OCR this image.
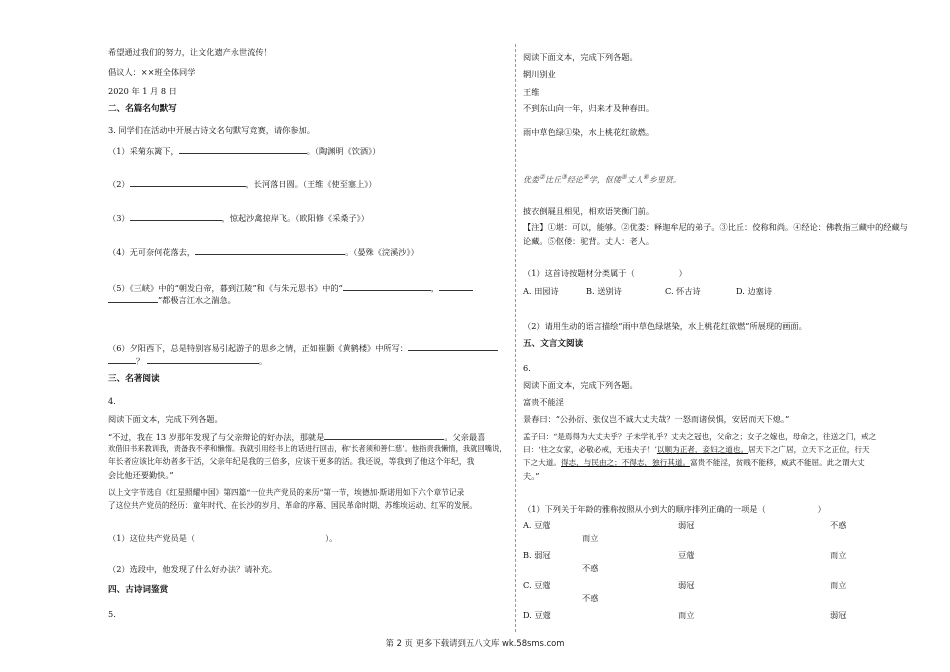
希望通过我们的努力，让文化遗产永世流传！
倡议人：××班全体同学
2020 年 1 月 8 日
二、名篇名句默写
3. 同学们在活动中开展古诗文名句默写竞赛，请你参加。
（1）采菊东篱下，	。（陶渊明《饮酒》）
（2）	，长河落日圆。（王维《使至塞上》）
（3）	，惊起沙禽掠岸飞。（欧阳修《采桑子》）
（4）无可奈何花落去，	。（晏殊《浣溪沙》）
（5）《三峡》中的“朝发白帝，暮到江陵”和《与朱元思书》中的“	，
”都极言江水之湍急。
（6）夕阳西下，总是特别容易引起游子的思乡之情，正如崔颢《黄鹤楼》中所写：
？	。
三、名著阅读
4.
阅读下面文本，完成下列各题。
“不过，我在 13 岁那年发现了与父亲辩论的好办法，那就是	。父亲最喜
欢借旧书来教训我，责备我不孝和懒惰。我就引用经书上的话进行回击，称‘长者须和善仁慈’。他指责我懒惰，我就回嘴说，
年长者应该比年幼者多干活，父亲年纪是我的三倍多，应该干更多的活。我还说，等我到了他这个年纪，我
会比他还要勤快。”
以上文字节选自《红星照耀中国》第四篇“一位共产党员的来历”第一节，埃德加·斯诺用如下六个章节记录
了这位共产党员的经历：童年时代、在长沙的岁月、革命的序幕、国民革命时期、苏维埃运动、红军的发展。
（1）这位共产党员是（	）。
（2）选段中，他发现了什么好办法？请补充。
四、古诗词鉴赏
5.
阅读下面文本，完成下列各题。
辋川别业
王维
不到东山向一年，归来才及种春田。
雨中草色绿①染，水上桃花红欲燃。
优娄②比丘③经论④学，伛偻⑤丈人⑥乡里贤。
披衣倒屣且相见，相欢语笑衡门前。
【注】①堪：可以，能够。②优娄：释迦牟尼的弟子。③比丘：佼称和尚。④经论：佛教指三藏中的经藏与
论藏。⑤伛偻：驼背。丈人：老人。
（1）这首诗按题材分类属于（	）
A. 田园诗	B. 送别诗	C. 怀古诗	D. 边塞诗
（2）请用生动的语言描绘“雨中草色绿堪染，水上桃花红欲燃”所展现的画面。
五、文言文阅读
6.
阅读下面文本，完成下列各题。
富贵不能淫
景春曰：“公孙衍、张仪岂不诚大丈夫哉？一怒而诸侯惧，安居而天下熄。”
孟子曰：“是焉得为大丈夫乎？子未学礼乎？丈夫之冠也，父命之；女子之嫁也，母命之，往送之门，戒之
曰：‘往之女家，必敬必戒，无违夫子！’以顺为正者，妾妇之道也。居天下之广居，立天下之正位，行天
下之大道。得志，与民由之；不得志，独行其道。富贵不能淫，贫贱不能移，威武不能屈。此之谓大丈
夫。”
（1）下列关于年龄的雅称按照从小到大的顺序排列正确的一项是（	）
A. 豆蔻	弱冠	不惑
而立
B. 弱冠	豆蔻	而立
不惑
C. 豆蔻	弱冠	而立
不惑
D. 豆蔻	而立	弱冠
第 2 页 更多下载请到五八文库 wk.58sms.com
